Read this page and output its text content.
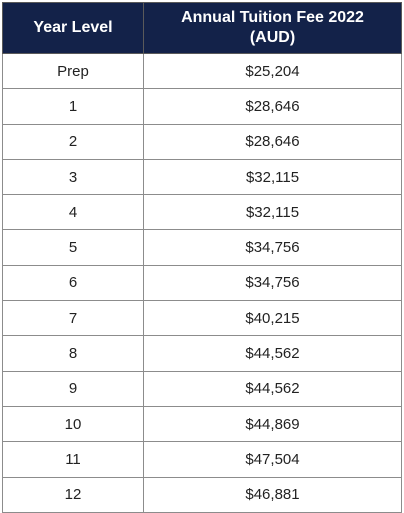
Year Level	Annual Tuition Fee 2022
(AUD)

Prep	$25,204
1	$28,646
2	$28,646
3	$32,115
4	$32,115
5	$34,756
6	$34,756
7	$40,215
8	$44,562
9	$44,562
10	$44,869
11	$47,504
12	$46,881
